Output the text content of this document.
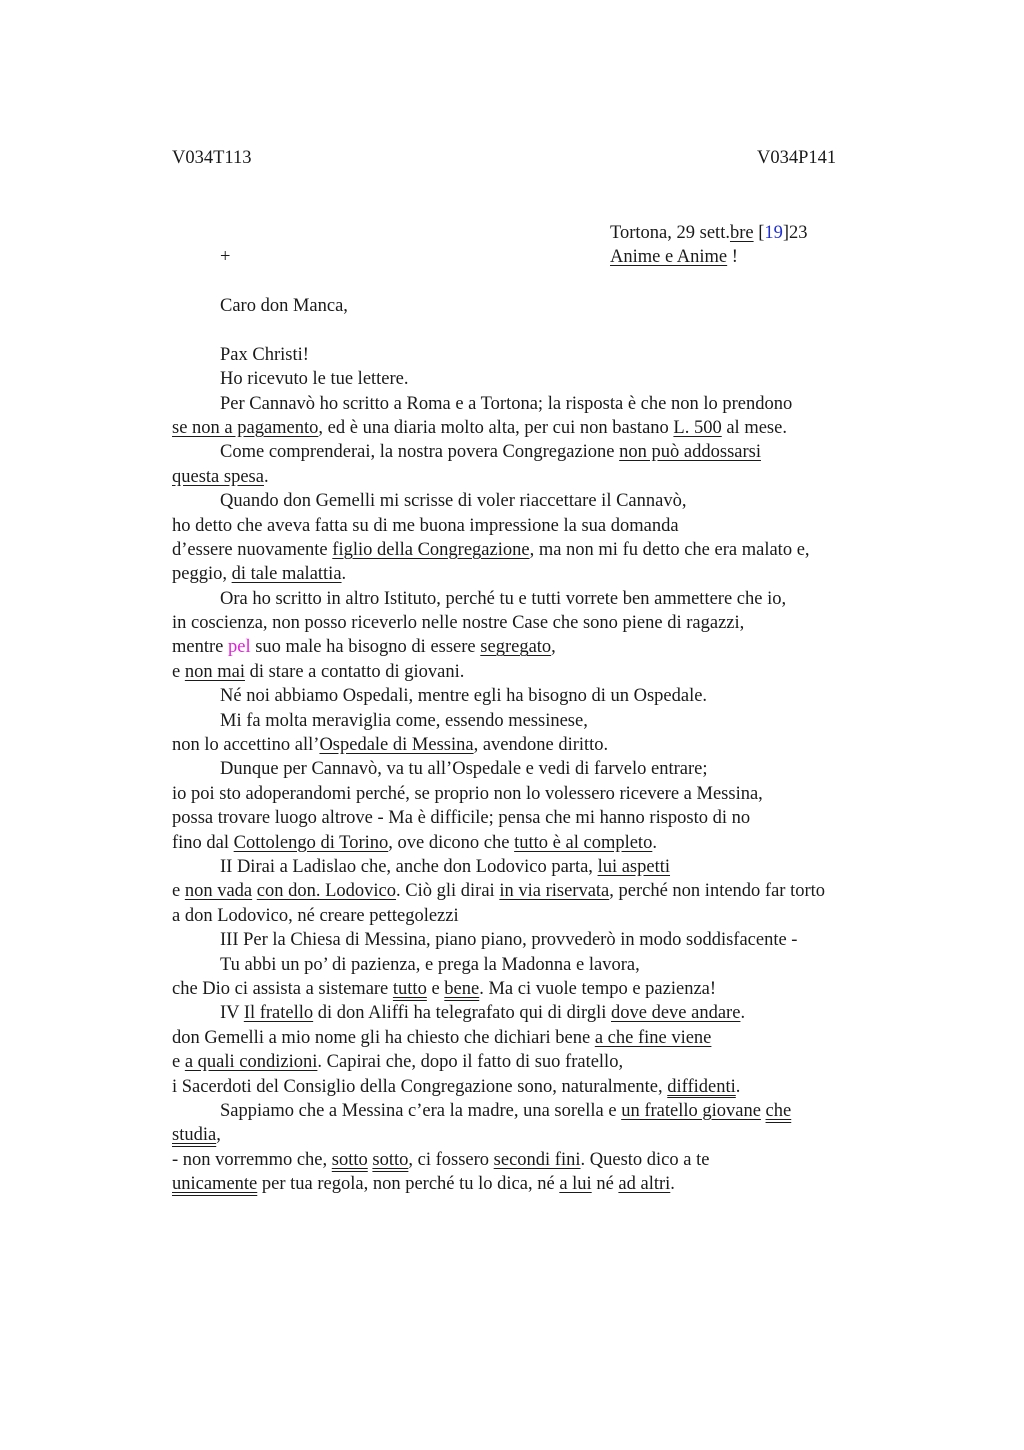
V034T113	V034P141
Tortona, 29 sett.bre [19]23
Anime e Anime !
+
Caro don Manca,
Pax Christi!
Ho ricevuto le tue lettere.
Per Cannavò ho scritto a Roma e a Tortona; la risposta è che non lo prendono
se non a pagamento, ed è una diaria molto alta, per cui non bastano L. 500 al mese.
Come comprenderai, la nostra povera Congregazione non può addossarsi
questa spesa.
Quando don Gemelli mi scrisse di voler riaccettare il Cannavò,
ho detto che aveva fatta su di me buona impressione la sua domanda
d’essere nuovamente figlio della Congregazione, ma non mi fu detto che era malato e,
peggio, di tale malattia.
Ora ho scritto in altro Istituto, perché tu e tutti vorrete ben ammettere che io,
in coscienza, non posso riceverlo nelle nostre Case che sono piene di ragazzi,
mentre pel suo male ha bisogno di essere segregato,
e non mai di stare a contatto di giovani.
Né noi abbiamo Ospedali, mentre egli ha bisogno di un Ospedale.
Mi fa molta meraviglia come, essendo messinese,
non lo accettino all’Ospedale di Messina, avendone diritto.
Dunque per Cannavò, va tu all’Ospedale e vedi di farvelo entrare;
io poi sto adoperandomi perché, se proprio non lo volessero ricevere a Messina,
possa trovare luogo altrove - Ma è difficile; pensa che mi hanno risposto di no
fino dal Cottolengo di Torino, ove dicono che tutto è al completo.
II Dirai a Ladislao che, anche don Lodovico parta, lui aspetti
e non vada con don. Lodovico. Ciò gli dirai in via riservata, perché non intendo far torto
a don Lodovico, né creare pettegolezzi
III Per la Chiesa di Messina, piano piano, provvederò in modo soddisfacente -
Tu abbi un po’ di pazienza, e prega la Madonna e lavora,
che Dio ci assista a sistemare tutto e bene. Ma ci vuole tempo e pazienza!
IV Il fratello di don Aliffi ha telegrafato qui di dirgli dove deve andare.
don Gemelli a mio nome gli ha chiesto che dichiari bene a che fine viene
e a quali condizioni. Capirai che, dopo il fatto di suo fratello,
i Sacerdoti del Consiglio della Congregazione sono, naturalmente, diffidenti.
Sappiamo che a Messina c’era la madre, una sorella e un fratello giovane che
studia,
- non vorremmo che, sotto sotto, ci fossero secondi fini. Questo dico a te
unicamente per tua regola, non perché tu lo dica, né a lui né ad altri.
